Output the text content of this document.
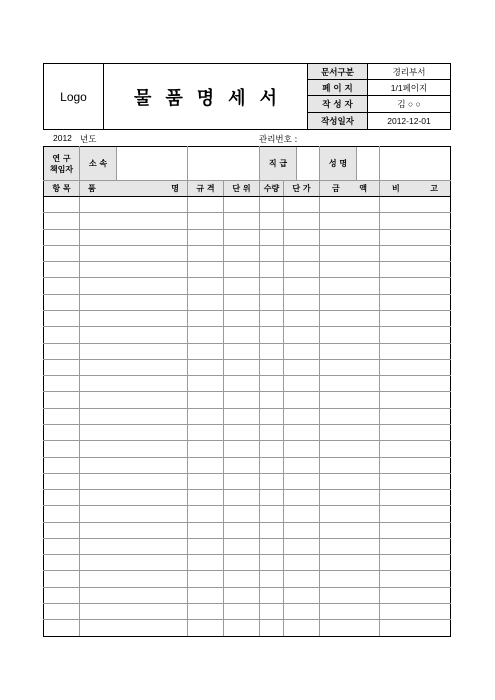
Logo	물품명세서	문서구분	경리부서
		페 이 지	1/1페이지
		작 성 자	김 ○ ○
		작성일자	2012-12-01
2012 년도	관리번호 :
연 구
책임자	소 속			직 급		성 명	

항 목	품 명	규 격	단 위	수량	단 가	금 액	비 고
